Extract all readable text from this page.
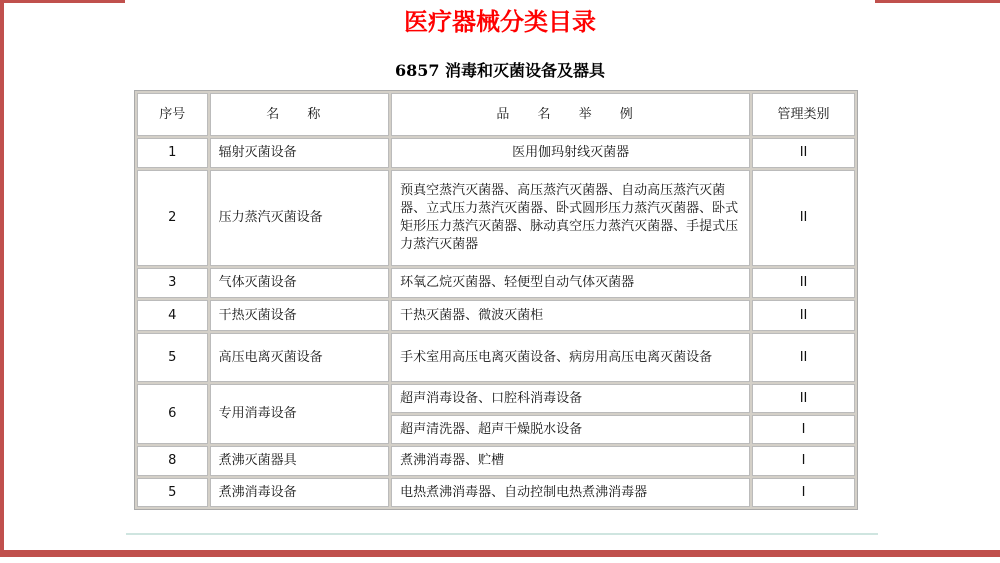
医疗器械分类目录
6857 消毒和灭菌设备及器具
序号	名 称	品 名 举 例	管理类别
1	辐射灭菌设备	医用伽玛射线灭菌器	II
2	压力蒸汽灭菌设备	预真空蒸汽灭菌器、高压蒸汽灭菌器、自动高压蒸汽灭菌器、立式压力蒸汽灭菌器、卧式圆形压力蒸汽灭菌器、卧式矩形压力蒸汽灭菌器、脉动真空压力蒸汽灭菌器、手提式压力蒸汽灭菌器	II
3	气体灭菌设备	环氧乙烷灭菌器、轻便型自动气体灭菌器	II
4	干热灭菌设备	干热灭菌器、微波灭菌柜	II
5	高压电离灭菌设备	手术室用高压电离灭菌设备、病房用高压电离灭菌设备	II
6	专用消毒设备	超声消毒设备、口腔科消毒设备	II
		超声清洗器、超声干燥脱水设备	I
8	煮沸灭菌器具	煮沸消毒器、贮槽	I
5	煮沸消毒设备	电热煮沸消毒器、自动控制电热煮沸消毒器	I
